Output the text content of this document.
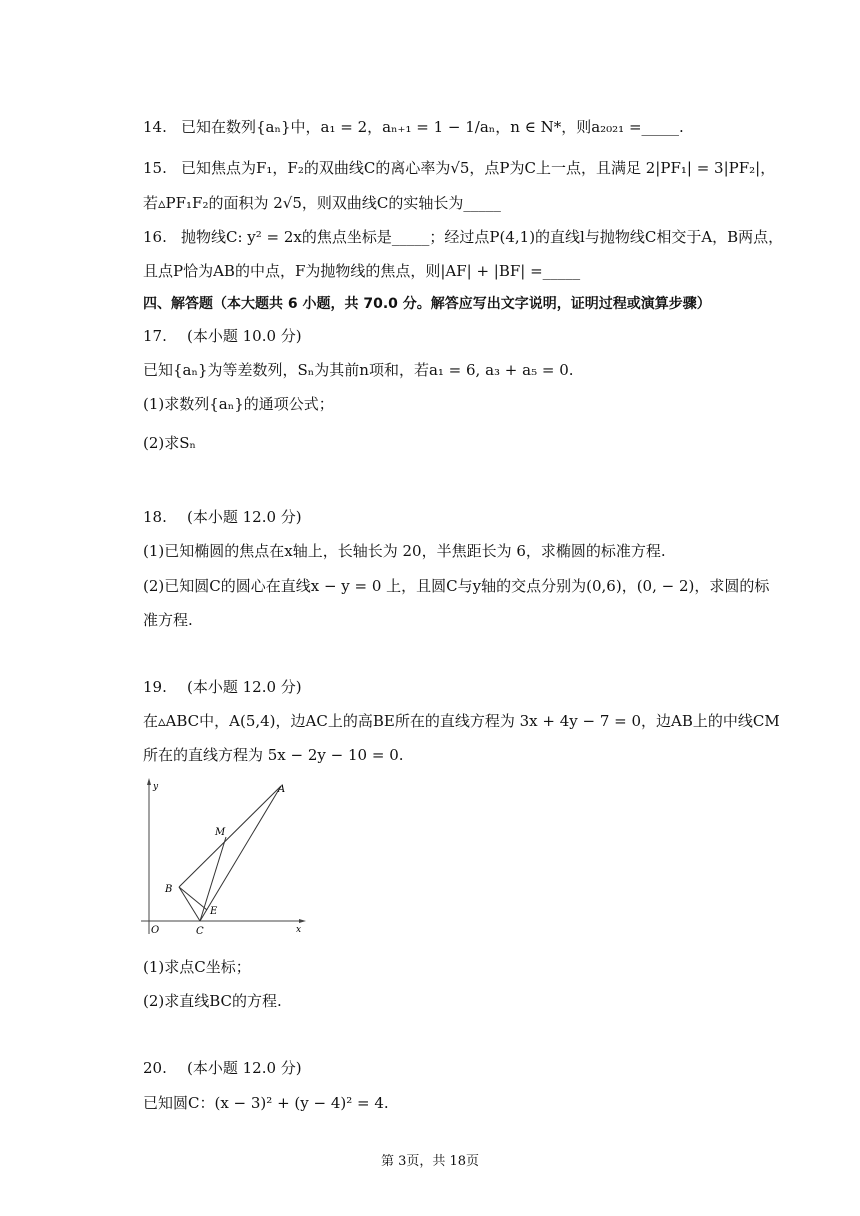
14. 已知在数列{aₙ}中，a₁ = 2，aₙ₊₁ = 1 − 1/aₙ，n ∈ N*，则a₂₀₂₁ =_____.
15. 已知焦点为F₁，F₂的双曲线C的离心率为√5，点P为C上一点，且满足 2|PF₁| = 3|PF₂|，
若▵PF₁F₂的面积为 2√5，则双曲线C的实轴长为_____
16. 抛物线C: y² = 2x的焦点坐标是_____；经过点P(4,1)的直线l与抛物线C相交于A，B两点，
且点P恰为AB的中点，F为抛物线的焦点，则|AF| + |BF| =_____
四、解答题（本大题共 6 小题，共 70.0 分。解答应写出文字说明，证明过程或演算步骤）
17. (本小题 10.0 分)
已知{aₙ}为等差数列，Sₙ为其前n项和，若a₁ = 6, a₃ + a₅ = 0.
(1)求数列{aₙ}的通项公式；
(2)求Sₙ
18. (本小题 12.0 分)
(1)已知椭圆的焦点在x轴上，长轴长为 20，半焦距长为 6，求椭圆的标准方程.
(2)已知圆C的圆心在直线x − y = 0 上，且圆C与y轴的交点分别为(0,6)，(0, − 2)，求圆的标
准方程.
19. (本小题 12.0 分)
在▵ABC中，A(5,4)，边AC上的高BE所在的直线方程为 3x + 4y − 7 = 0，边AB上的中线CM
所在的直线方程为 5x − 2y − 10 = 0.
y
x
O
A
B
C
M
E
(1)求点C坐标；
(2)求直线BC的方程.
20. (本小题 12.0 分)
已知圆C：(x − 3)² + (y − 4)² = 4.
第 3页，共 18页
